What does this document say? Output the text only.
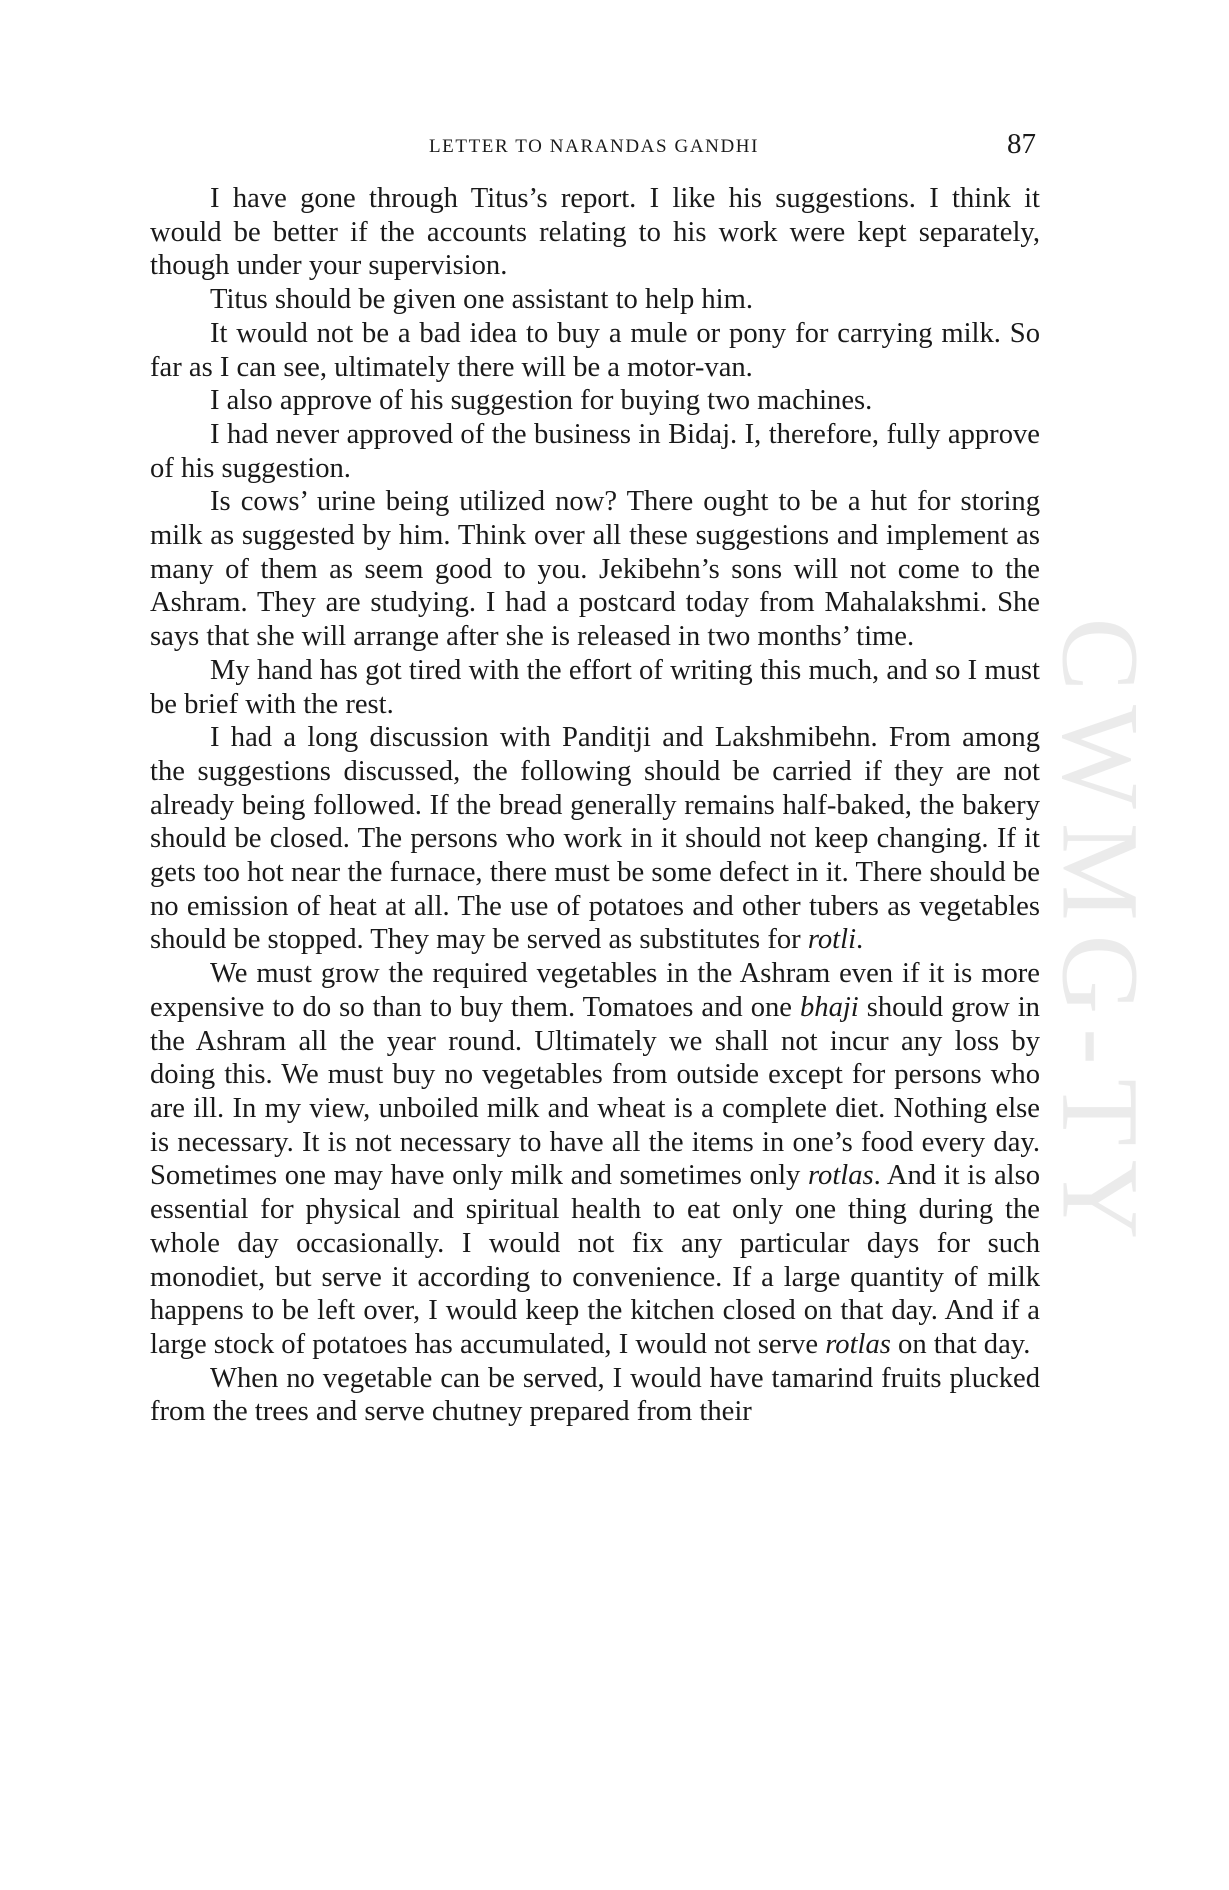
CWMG-TY
LETTER TO NARANDAS GANDHI	87

I have gone through Titus’s report. I like his suggestions. I think it would be better if the accounts relating to his work were kept separately, though under your supervision.

Titus should be given one assistant to help him.

It would not be a bad idea to buy a mule or pony for carrying milk. So far as I can see, ultimately there will be a motor-van.

I also approve of his suggestion for buying two machines.

I had never approved of the business in Bidaj. I, therefore, fully approve of his suggestion.

Is cows’ urine being utilized now? There ought to be a hut for storing milk as suggested by him. Think over all these suggestions and implement as many of them as seem good to you. Jekibehn’s sons will not come to the Ashram. They are studying. I had a postcard today from Mahalakshmi. She says that she will arrange after she is released in two months’ time.

My hand has got tired with the effort of writing this much, and so I must be brief with the rest.

I had a long discussion with Panditji and Lakshmibehn. From among the suggestions discussed, the following should be carried if they are not already being followed. If the bread generally remains half-baked, the bakery should be closed. The persons who work in it should not keep changing. If it gets too hot near the furnace, there must be some defect in it. There should be no emission of heat at all. The use of potatoes and other tubers as vegetables should be stopped. They may be served as substitutes for rotli.

We must grow the required vegetables in the Ashram even if it is more expensive to do so than to buy them. Tomatoes and one bhaji should grow in the Ashram all the year round. Ultimately we shall not incur any loss by doing this. We must buy no vegetables from outside except for persons who are ill. In my view, unboiled milk and wheat is a complete diet. Nothing else is necessary. It is not necessary to have all the items in one’s food every day. Sometimes one may have only milk and sometimes only rotlas. And it is also essential for physical and spiritual health to eat only one thing during the whole day occasionally. I would not fix any particular days for such monodiet, but serve it according to convenience. If a large quantity of milk happens to be left over, I would keep the kitchen closed on that day. And if a large stock of potatoes has accumulated, I would not serve rotlas on that day.

When no vegetable can be served, I would have tamarind fruits plucked from the trees and serve chutney prepared from their
